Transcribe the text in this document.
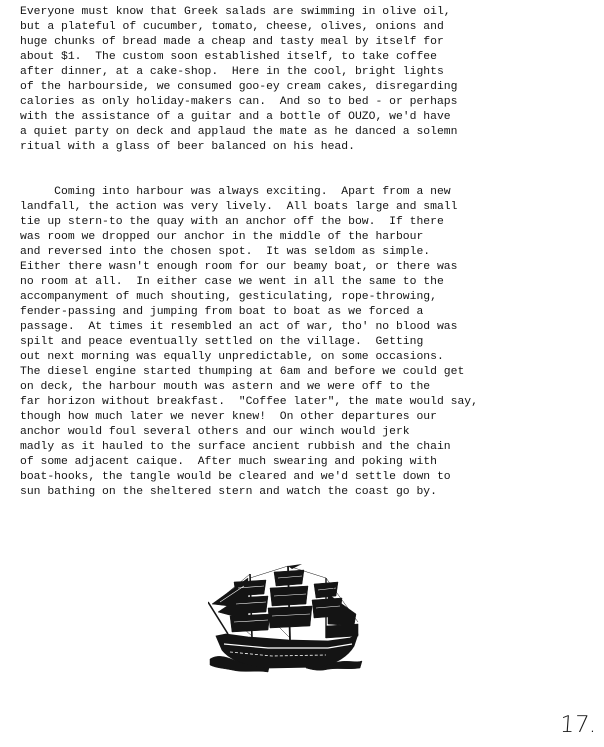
Everyone must know that Greek salads are swimming in olive oil,
but a plateful of cucumber, tomato, cheese, olives, onions and
huge chunks of bread made a cheap and tasty meal by itself for
about $1.  The custom soon established itself, to take coffee
after dinner, at a cake-shop.  Here in the cool, bright lights
of the harbourside, we consumed goo-ey cream cakes, disregarding
calories as only holiday-makers can.  And so to bed - or perhaps
with the assistance of a guitar and a bottle of OUZO, we'd have
a quiet party on deck and applaud the mate as he danced a solemn
ritual with a glass of beer balanced on his head.
Coming into harbour was always exciting.  Apart from a new
landfall, the action was very lively.  All boats large and small
tie up stern-to the quay with an anchor off the bow.  If there
was room we dropped our anchor in the middle of the harbour
and reversed into the chosen spot.  It was seldom as simple.
Either there wasn't enough room for our beamy boat, or there was
no room at all.  In either case we went in all the same to the
accompanyment of much shouting, gesticulating, rope-throwing,
fender-passing and jumping from boat to boat as we forced a
passage.  At times it resembled an act of war, tho' no blood was
spilt and peace eventually settled on the village.  Getting
out next morning was equally unpredictable, on some occasions.
The diesel engine started thumping at 6am and before we could get
on deck, the harbour mouth was astern and we were off to the
far horizon without breakfast.  "Coffee later", the mate would say,
though how much later we never knew!  On other departures our
anchor would foul several others and our winch would jerk
madly as it hauled to the surface ancient rubbish and the chain
of some adjacent caique.  After much swearing and poking with
boat-hooks, the tangle would be cleared and we'd settle down to
sun bathing on the sheltered stern and watch the coast go by.
17.
